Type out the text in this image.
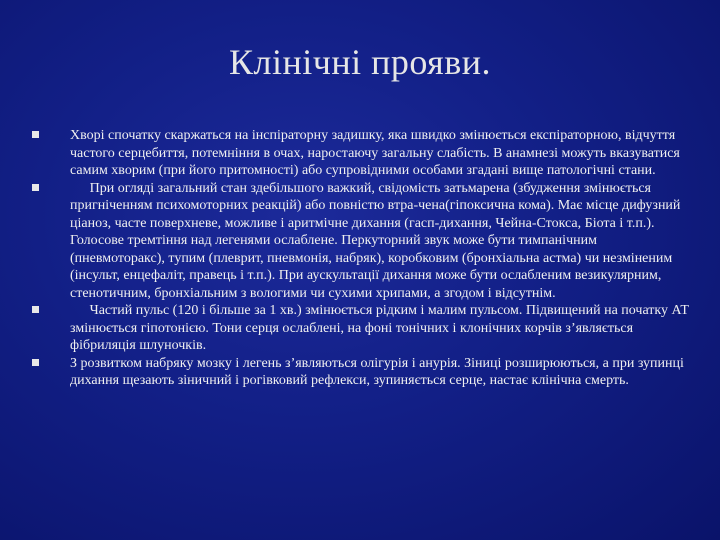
Клінічні прояви.
Хворі спочатку скаржаться на інспіраторну задишку, яка швидко змінюється експіраторною, відчуття частого серцебиття, потемніння в очах, наростаючу загальну слабість. В анамнезі можуть вказуватися самим хворим (при його притомності) або супровідними особами згадані вище патологічні стани.
При огляді загальний стан здебільшого важкий, свідомість затьмарена (збудження змінюється пригніченням психомоторних реакцій) або повністю втра-чена(гіпоксична кома). Має місце дифузний ціаноз, часте поверхневе, можливе і аритмічне дихання (гасп-дихання, Чейна-Стокса, Біота і т.п.). Голосове тремтіння над легенями ослаблене. Перкуторний звук може бути тимпанічним (пневмоторакс), тупим (плеврит, пневмонія, набряк), коробковим (бронхіальна астма) чи незміненим (інсульт, енцефаліт, правець і т.п.). При аускультації дихання може бути ослабленим везикулярним, стенотичним, бронхіальним з вологими чи сухими хрипами, а згодом і відсутнім.
Частий пульс (120 і більше за 1 хв.) змінюється рідким і малим пульсом. Підвищений на початку АТ змінюється гіпотонією. Тони серця ослаблені, на фоні тонічних і клонічних корчів з’являється фібриляція шлуночків.
З розвитком набряку мозку і легень з’являються олігурія і анурія. Зіниці розширюються, а при зупинці дихання щезають зіничний і рогівковий рефлекси, зупиняється серце, настає клінічна смерть.
